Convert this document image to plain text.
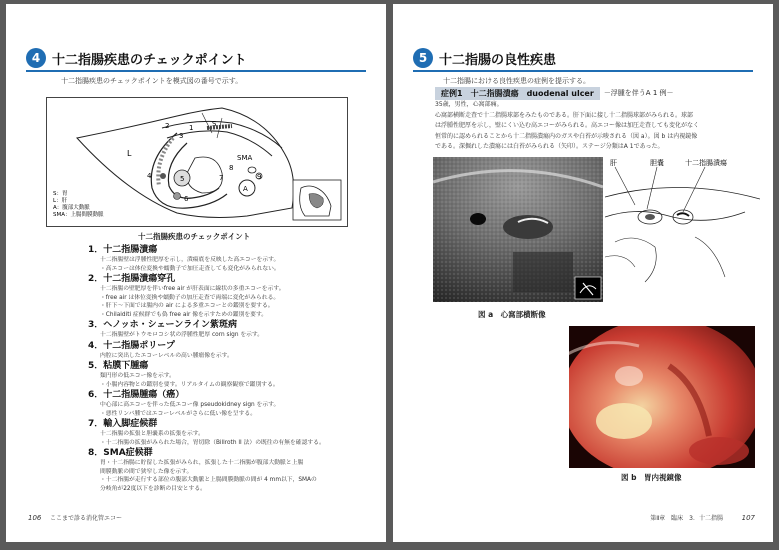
4 十二指腸疾患のチェックポイント
十二指腸疾患のチェックポイントを模式図の番号で示す。
1
2
3
4	5
6
7
8
9
L
S
SMA
A
S：胃
L：肝
A：腹部大動脈
SMA：上腸間膜動脈
十二指腸疾患のチェックポイント
1．十二指腸潰瘍
十二指腸壁は浮腫性肥厚を示し，潰瘍底を反映した高エコーを示す。
・高エコーは体位変換や蠕動子で加圧走査しても変化がみられない。
2．十二指腸潰瘍穿孔
十二指腸の壁肥厚を伴いfree air が肝表面に線状の多重エコーを示す。
・free air は体位変換や蠕動子の加圧走査で両端に変化がみられる。
・肝下～下面では腸内の air による多重エコーとの鑑別を要する。
・Chilaiditi 症候群でも偽 free air 像を示すための鑑別を要す。
3．ヘノッホ・シェーンライン紫斑病
十二指腸壁がトウモロコシ状の浮腫性肥厚 corn sign を示す。
4．十二指腸ポリープ
内腔に突出したエコーレベルの高い腫瘤像を示す。
5．粘膜下腫瘍
類円形の低エコー像を示す。
・小腸内容物との鑑別を要す。リアルタイムの観察観察で鑑別する。
6．十二指腸腫瘍（癌）
中心部に高エコーを伴った低エコー像 pseudokidney sign を示す。
・悪性リンパ腫ではエコーレベルがさらに低い像を呈する。
7．輸入脚症候群
十二指腸の拡張と胆嚢系の拡張を示す。
・十二指腸の拡張がみられた場合，胃切除（Billroth II 法）の既往の有無を確認する。
8．SMA症候群
胃・十二指腸に貯留した拡張がみられ，拡張した十二指腸が腹部大動脈と上腸
間膜動脈の間で狭窄した像を示す。
・十二指腸が走行する部位の腹部大動脈と上腸間膜動脈の間が 4 mm以下，SMAの
分岐角が22度以下を診断の目安とする。
106 ここまで診る消化管エコー
5 十二指腸の良性疾患
十二指腸における良性疾患の症例を提示する。
症例1　十二指腸潰瘍　duodenal ulcer	－浮腫を伴うA 1 例－
35歳，男性，心窩部痛。
心窩部横断走査で十二指腸球部をみたものである。肝下面に接し十二指腸球部がみられる。球部
は浮腫性肥厚を示し，壁にくい込む高エコーがみられる。高エコー像は加圧走査しても変化がなく
恒常的に認められることから十二指腸潰瘍内のガスや白苔が示唆される（図 a）。図 b は内視鏡像
である。深掘れした潰瘍には白苔がみられる（矢印）。ステージ分類はA 1であった。
肝	胆嚢	十二指腸潰瘍
図 a　心窩部横断像
図 b　胃内視鏡像
第Ⅱ章　臨床　3．十二指腸	107
